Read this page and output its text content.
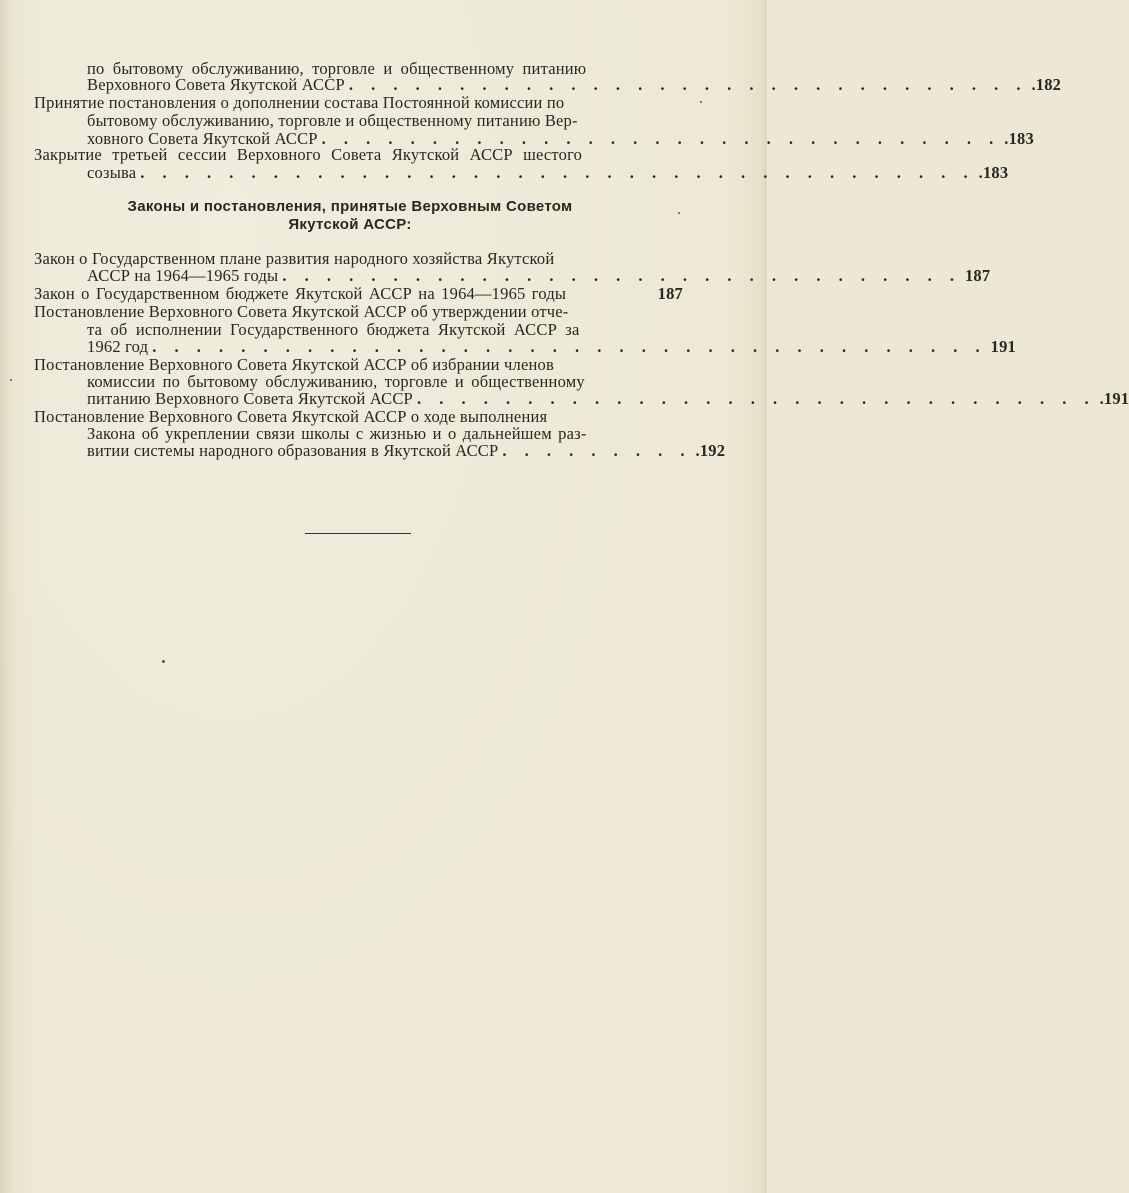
по бытовому обслуживанию, торговле и общественному питанию
Верховного Совета Якутской АССР . . . . . . . . . . . . . . . . . . . . . . . . . . . . . . . .182
Принятие постановления о дополнении состава Постоянной комиссии по
бытовому обслуживанию, торговле и общественному питанию Вер-
ховного Совета Якутской АССР . . . . . . . . . . . . . . . . . . . . . . . . . . . . . . . .183
Закрытие третьей сессии Верховного Совета Якутской АССР шестого
созыва . . . . . . . . . . . . . . . . . . . . . . . . . . . . . . . . . . . . . . .183
Законы и постановления, принятые Верховным Советом
Якутской АССР:
Закон о Государственном плане развития народного хозяйства Якутской
АССР на 1964—1965 годы . . . . . . . . . . . . . . . . . . . . . . . . . . . . . . . 187
Закон о Государственном бюджете Якутской АССР на 1964—1965 годы	187
Постановление Верховного Совета Якутской АССР об утверждении отче-
та об исполнении Государственного бюджета Якутской АССР за
1962 год . . . . . . . . . . . . . . . . . . . . . . . . . . . . . . . . . . . . . . 191
Постановление Верховного Совета Якутской АССР об избрании членов
комиссии по бытовому обслуживанию, торговле и общественному
питанию Верховного Совета Якутской АССР . . . . . . . . . . . . . . . . . . . . . . . . . . . . . . . .191
Постановление Верховного Совета Якутской АССР о ходе выполнения
Закона об укреплении связи школы с жизнью и о дальнейшем раз-
витии системы народного образования в Якутской АССР . . . . . . . . . .192
